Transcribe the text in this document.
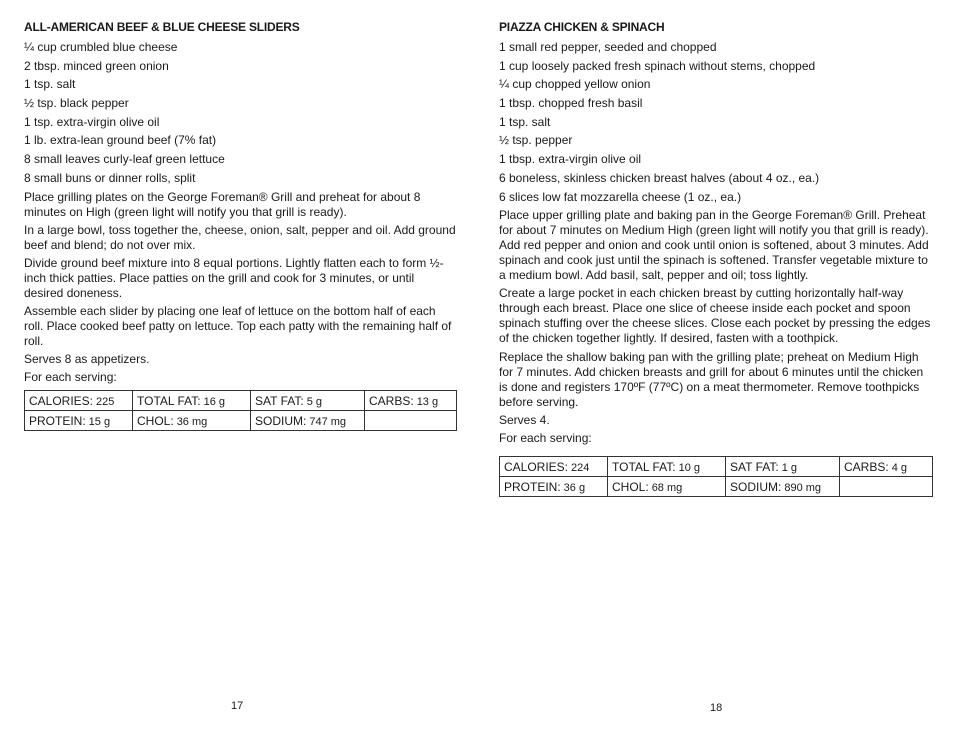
ALL-AMERICAN BEEF & BLUE CHEESE SLIDERS
¼ cup crumbled blue cheese
2 tbsp. minced green onion
1 tsp. salt
½ tsp. black pepper
1 tsp. extra-virgin olive oil
1 lb. extra-lean ground beef (7% fat)
8 small leaves curly-leaf green lettuce
8 small buns or dinner rolls, split
Place grilling plates on the George Foreman® Grill and preheat for about 8 minutes on High (green light will notify you that grill is ready).
In a large bowl, toss together the, cheese, onion, salt, pepper and oil. Add ground beef and blend; do not over mix.
Divide ground beef mixture into 8 equal portions. Lightly flatten each to form ½-inch thick patties. Place patties on the grill and cook for 3 minutes, or until desired doneness.
Assemble each slider by placing one leaf of lettuce on the bottom half of each roll. Place cooked beef patty on lettuce. Top each patty with the remaining half of roll.
Serves 8 as appetizers.
For each serving:
CALORIES: 225	TOTAL FAT: 16 g	SAT FAT: 5 g	CARBS: 13 g
PROTEIN: 15 g	CHOL: 36 mg	SODIUM: 747 mg	
17
PIAZZA CHICKEN & SPINACH
1 small red pepper, seeded and chopped
1 cup loosely packed fresh spinach without stems, chopped
¼ cup chopped yellow onion
1 tbsp. chopped fresh basil
1 tsp. salt
½ tsp. pepper
1 tbsp. extra-virgin olive oil
6 boneless, skinless chicken breast halves (about 4 oz., ea.)
6 slices low fat mozzarella cheese (1 oz., ea.)
Place upper grilling plate and baking pan in the George Foreman® Grill. Preheat for about 7 minutes on Medium High (green light will notify you that grill is ready). Add red pepper and onion and cook until onion is softened, about 3 minutes. Add spinach and cook just until the spinach is softened. Transfer vegetable mixture to a medium bowl. Add basil, salt, pepper and oil; toss lightly.
Create a large pocket in each chicken breast by cutting horizontally half-way through each breast. Place one slice of cheese inside each pocket and spoon spinach stuffing over the cheese slices. Close each pocket by pressing the edges of the chicken together lightly. If desired, fasten with a toothpick.
Replace the shallow baking pan with the grilling plate; preheat on Medium High for 7 minutes. Add chicken breasts and grill for about 6 minutes until the chicken is done and registers 170ºF (77ºC) on a meat thermometer. Remove toothpicks before serving.
Serves 4.
For each serving:
CALORIES: 224	TOTAL FAT: 10 g	SAT FAT: 1 g	CARBS: 4 g
PROTEIN: 36 g	CHOL: 68 mg	SODIUM: 890 mg	
18
